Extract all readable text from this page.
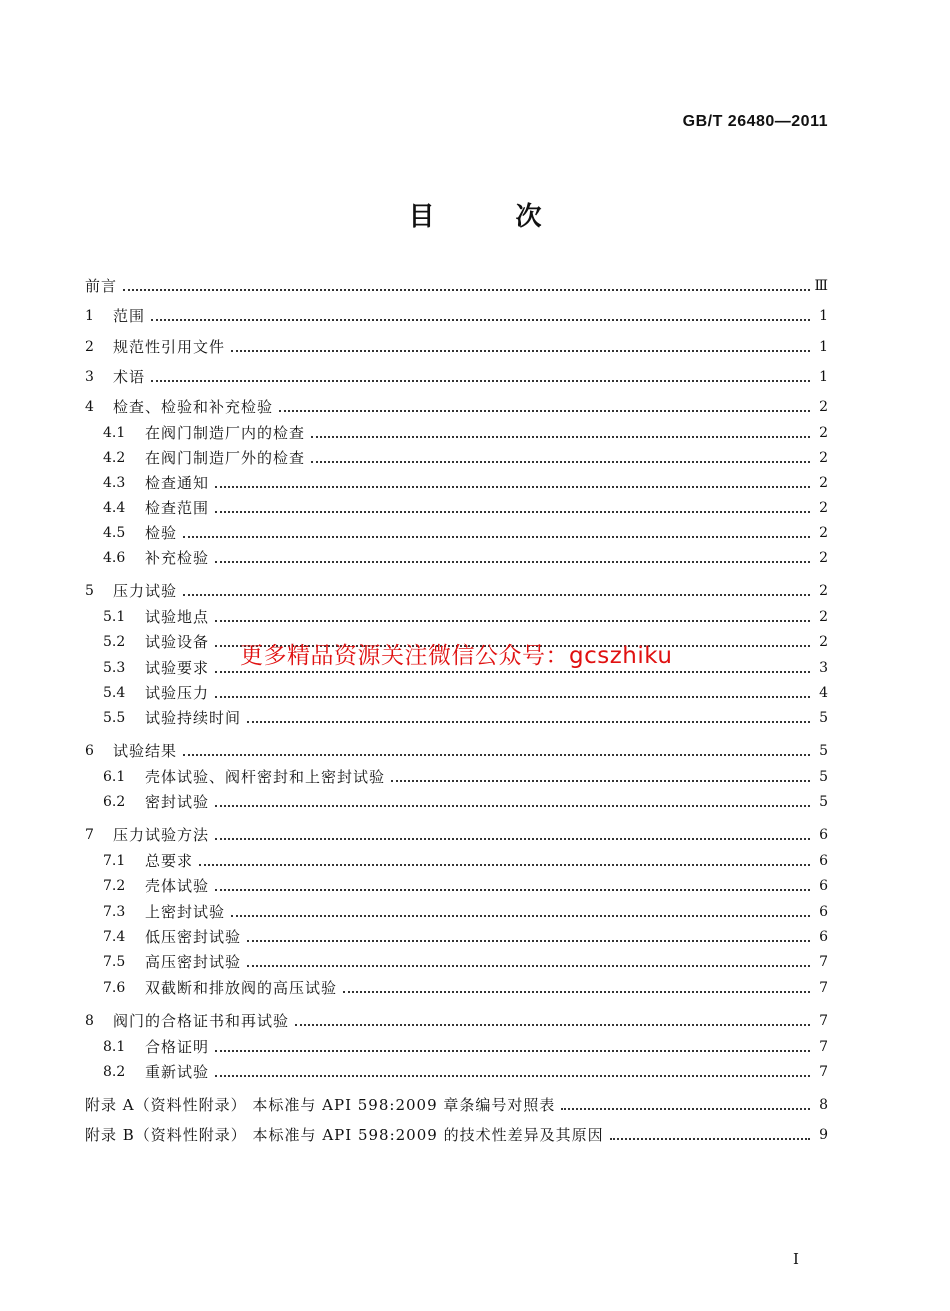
GB/T 26480—2011
目 次
前言	Ⅲ
1	范围	1
2	规范性引用文件	1
3	术语	1
4	检查、检验和补充检验	2
4.1	在阀门制造厂内的检查	2
4.2	在阀门制造厂外的检查	2
4.3	检查通知	2
4.4	检查范围	2
4.5	检验	2
4.6	补充检验	2
5	压力试验	2
5.1	试验地点	2
5.2	试验设备	2
5.3	试验要求	3
5.4	试验压力	4
5.5	试验持续时间	5
6	试验结果	5
6.1	壳体试验、阀杆密封和上密封试验	5
6.2	密封试验	5
7	压力试验方法	6
7.1	总要求	6
7.2	壳体试验	6
7.3	上密封试验	6
7.4	低压密封试验	6
7.5	高压密封试验	7
7.6	双截断和排放阀的高压试验	7
8	阀门的合格证书和再试验	7
8.1	合格证明	7
8.2	重新试验	7
附录 A（资料性附录） 本标准与 API 598:2009 章条编号对照表	8
附录 B（资料性附录） 本标准与 API 598:2009 的技术性差异及其原因	9
更多精品资源关注微信公众号：gcszhiku
I
